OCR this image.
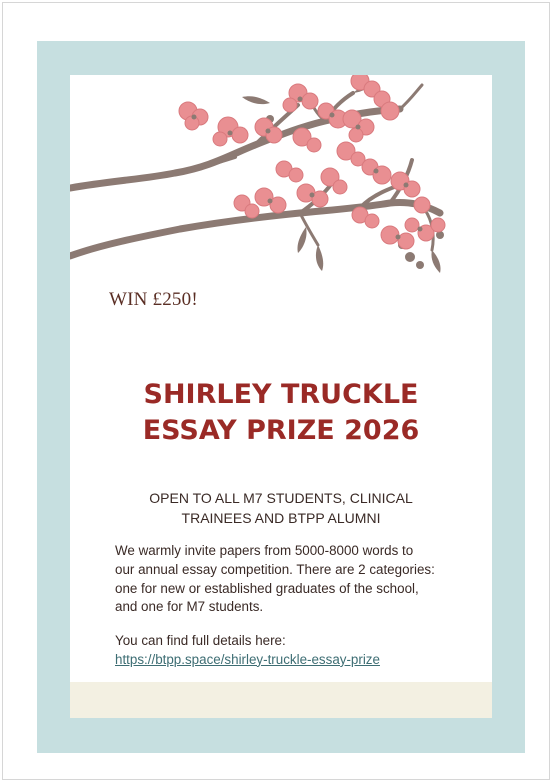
WIN £250!
SHIRLEY TRUCKLE
ESSAY PRIZE 2026
OPEN TO ALL M7 STUDENTS, CLINICAL
TRAINEES AND BTPP ALUMNI
We warmly invite papers from 5000-8000 words to
our annual essay competition. There are 2 categories:
one for new or established graduates of the school,
and one for M7 students.
You can find full details here:
https://btpp.space/shirley-truckle-essay-prize
